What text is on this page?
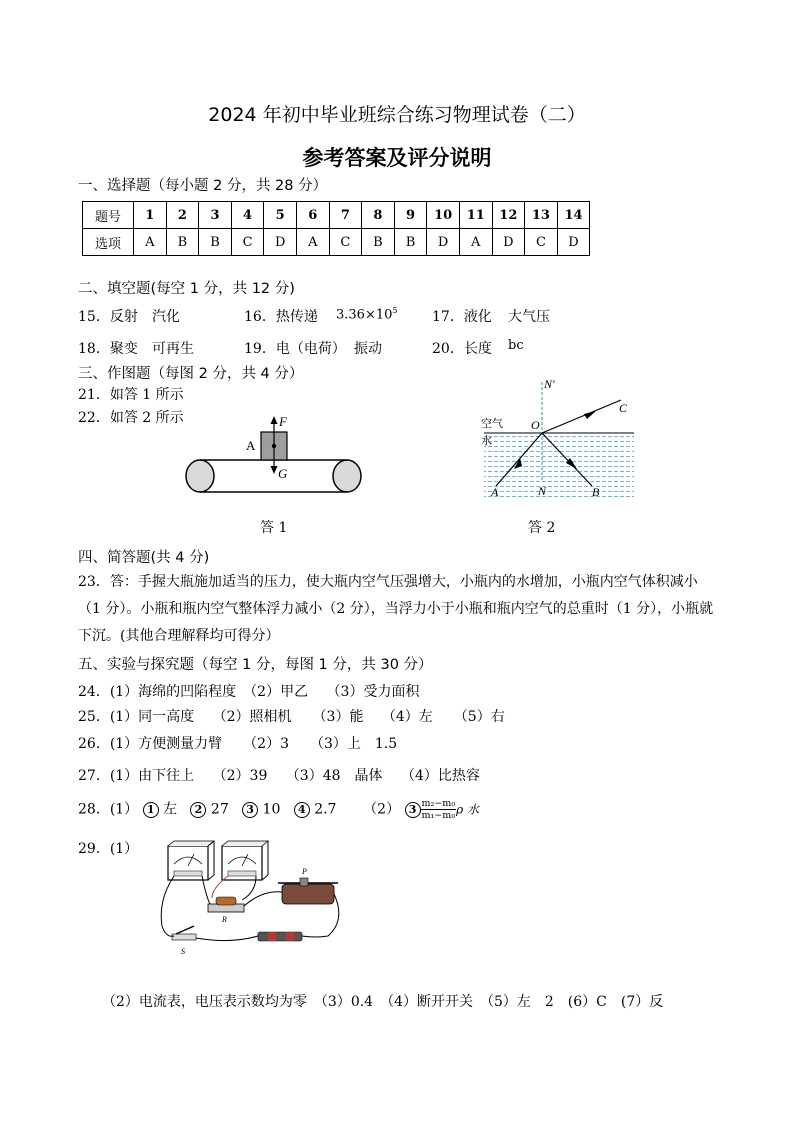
2024 年初中毕业班综合练习物理试卷（二）
参考答案及评分说明
一、选择题（每小题 2 分，共 28 分）
题号	1	2	3	4	5	6	7	8	9	10	11	12	13	14
选项	A	B	B	C	D	A	C	B	B	D	A	D	C	D
二、填空题(每空 1 分，共 12 分)
15．反射 汽化	16．热传递 $3.36\times 10^5$ 17．液化 大气压
18．聚变 可再生	19．电（电荷） 振动	20．长度 bc
三、作图题（每图 2 分，共 4 分）
21．如答 1 所示
22．如答 2 所示	F
G
A
答 1
N′
C
O
空气
水
A	N	B
答 2
四、简答题(共 4 分)
23．答：手握大瓶施加适当的压力，使大瓶内空气压强增大，小瓶内的水增加，小瓶内空气体积减小（1 分）。小瓶和瓶内空气整体浮力减小（2 分），当浮力小于小瓶和瓶内空气的总重时（1 分），小瓶就下沉。(其他合理解释均可得分）
五、实验与探究题（每空 1 分，每图 1 分，共 30 分）
24．(1）海绵的凹陷程度　（2）甲乙　 （3）受力面积
25．(1）同一高度　 （2）照相机　　（3）能　 （4）左　　（5）右
26．(1）方便测量力臂　　（2）3　　（3）上　1.5
27．(1）由下往上　 （2）39　 （3）48　晶体　 （4）比热容
28．(1） 1 左 2 27 3 10 4 2.7 （2） $3 \frac{\text{m₂−m₀}}{\text{m₁−m₀}}$ ρ 水
29．(1）
R
P
S
（2）电流表，电压表示数均为零　（3）0.4　（4）断开开关　（5）左　2　(6）C　(7）反
